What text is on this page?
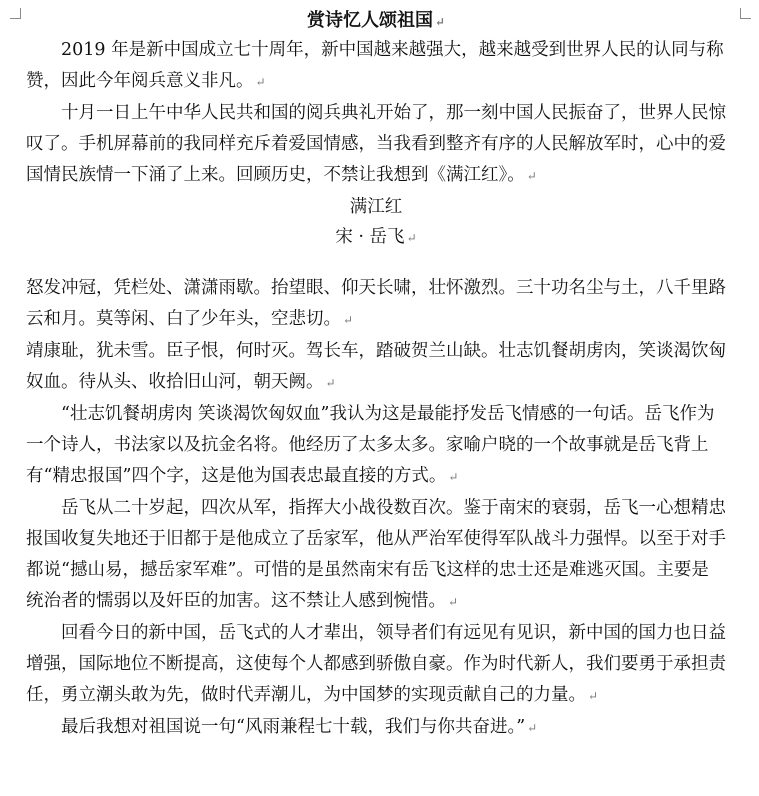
赏诗忆人颂祖国 ↵

2019 年是新中国成立七十周年，新中国越来越强大，越来越受到世界人民的认同与称赞，因此今年阅兵意义非凡。 ↵

十月一日上午中华人民共和国的阅兵典礼开始了，那一刻中国人民振奋了，世界人民惊叹了。手机屏幕前的我同样充斥着爱国情感，当我看到整齐有序的人民解放军时，心中的爱国情民族情一下涌了上来。回顾历史，不禁让我想到《满江红》。 ↵

满江红
宋 · 岳飞 ↵

怒发冲冠，凭栏处、潇潇雨歇。抬望眼、仰天长啸，壮怀激烈。三十功名尘与土，八千里路云和月。莫等闲、白了少年头，空悲切。 ↵

靖康耻，犹未雪。臣子恨，何时灭。驾长车，踏破贺兰山缺。壮志饥餐胡虏肉，笑谈渴饮匈奴血。待从头、收拾旧山河，朝天阙。 ↵

“壮志饥餐胡虏肉 笑谈渴饮匈奴血”我认为这是最能抒发岳飞情感的一句话。岳飞作为一个诗人，书法家以及抗金名将。他经历了太多太多。家喻户晓的一个故事就是岳飞背上有“精忠报国”四个字，这是他为国表忠最直接的方式。 ↵

岳飞从二十岁起，四次从军，指挥大小战役数百次。鉴于南宋的衰弱，岳飞一心想精忠报国收复失地还于旧都于是他成立了岳家军，他从严治军使得军队战斗力强悍。以至于对手都说“撼山易，撼岳家军难”。可惜的是虽然南宋有岳飞这样的忠士还是难逃灭国。主要是统治者的懦弱以及奸臣的加害。这不禁让人感到惋惜。 ↵

回看今日的新中国，岳飞式的人才辈出，领导者们有远见有见识，新中国的国力也日益增强，国际地位不断提高，这使每个人都感到骄傲自豪。作为时代新人，我们要勇于承担责任，勇立潮头敢为先，做时代弄潮儿，为中国梦的实现贡献自己的力量。 ↵

最后我想对祖国说一句“风雨兼程七十载，我们与你共奋进。” ↵
